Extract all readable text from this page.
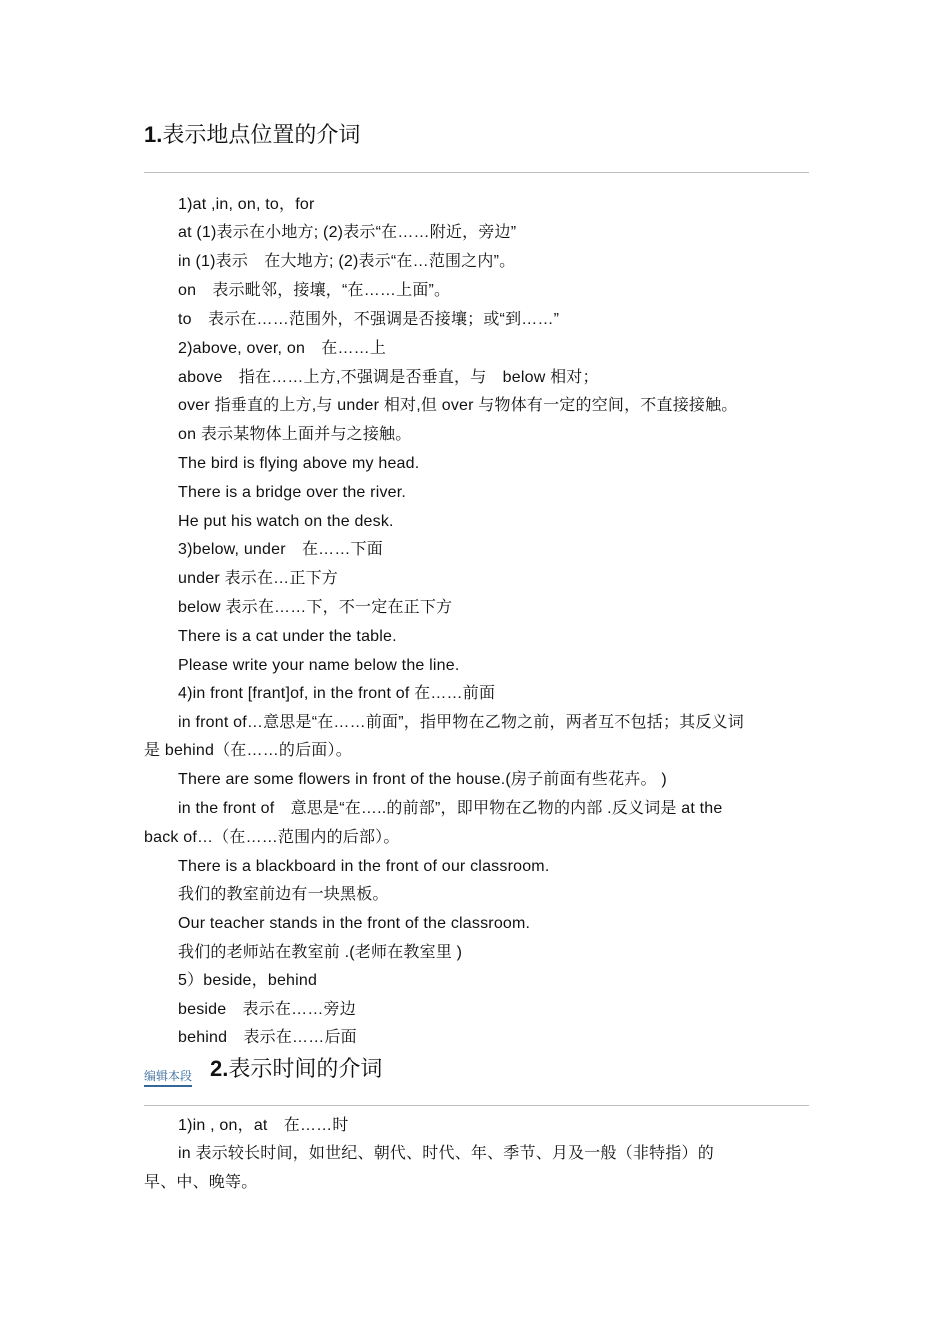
1.表示地点位置的介词
1)at ,in, on, to，for
at (1)表示在小地方; (2)表示“在……附近，旁边”
in (1)表示　在大地方; (2)表示“在…范围之内”。
on　表示毗邻，接壤，“在……上面”。
to　表示在……范围外，不强调是否接壤；或“到……”
2)above, over, on　在……上
above　指在……上方,不强调是否垂直，与　below 相对；
over 指垂直的上方,与 under 相对,但 over 与物体有一定的空间，不直接接触。
on 表示某物体上面并与之接触。
The bird is flying above my head.
There is a bridge over the river.
He put his watch on the desk.
3)below, under　在……下面
under 表示在…正下方
below 表示在……下，不一定在正下方
There is a cat under the table.
Please write your name below the line.
4)in front [frant]of, in the front of 在……前面
in front of…意思是“在……前面”，指甲物在乙物之前，两者互不包括；其反义词
是 behind（在……的后面）。
There are some flowers in front of the house.(房子前面有些花卉。 )
in the front of　意思是“在…..的前部”，即甲物在乙物的内部 .反义词是 at the
back of…（在……范围内的后部）。
There is a blackboard in the front of our classroom.
我们的教室前边有一块黑板。
Our teacher stands in the front of the classroom.
我们的老师站在教室前 .(老师在教室里 )
5）beside，behind
beside　表示在……旁边
behind　表示在……后面
编辑本段 2.表示时间的介词
1)in , on，at　在……时
in 表示较长时间，如世纪、朝代、时代、年、季节、月及一般（非特指）的
早、中、晚等。
